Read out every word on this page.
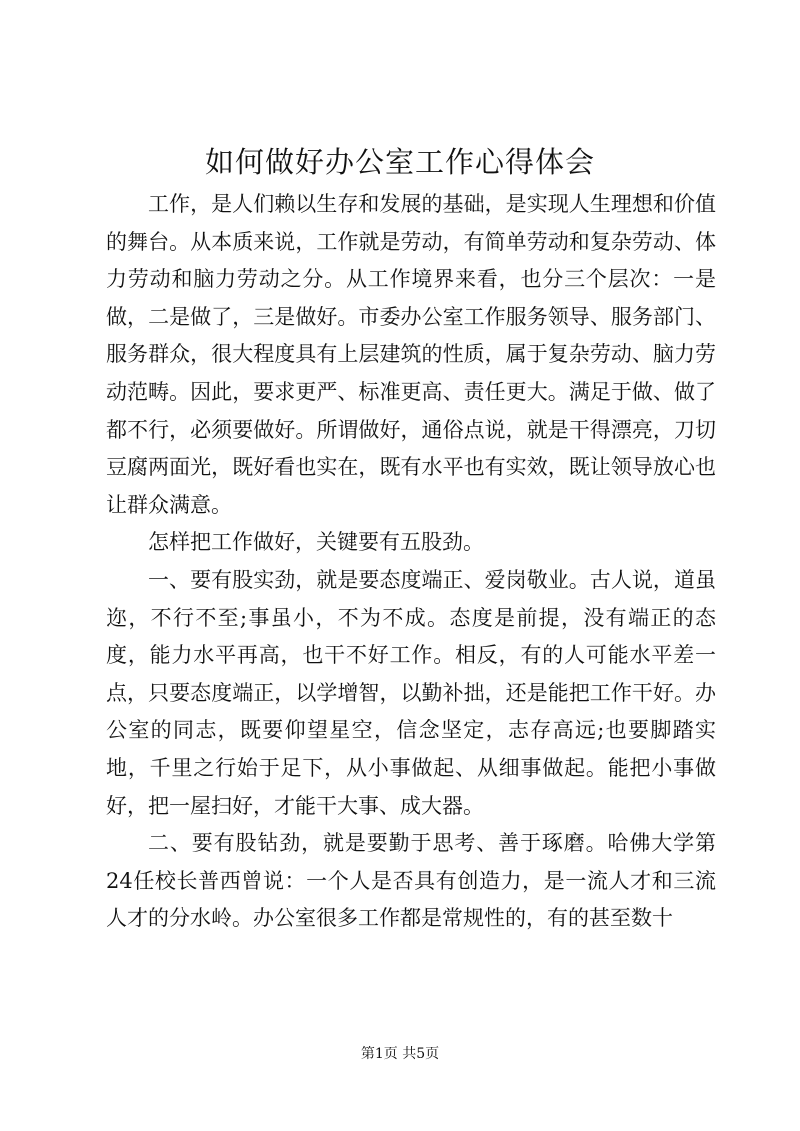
如何做好办公室工作心得体会

工作，是人们赖以生存和发展的基础，是实现人生理想和价值的舞台。从本质来说，工作就是劳动，有简单劳动和复杂劳动、体力劳动和脑力劳动之分。从工作境界来看，也分三个层次：一是做，二是做了，三是做好。市委办公室工作服务领导、服务部门、服务群众，很大程度具有上层建筑的性质，属于复杂劳动、脑力劳动范畴。因此，要求更严、标准更高、责任更大。满足于做、做了都不行，必须要做好。所谓做好，通俗点说，就是干得漂亮，刀切豆腐两面光，既好看也实在，既有水平也有实效，既让领导放心也让群众满意。

怎样把工作做好，关键要有五股劲。

一、要有股实劲，就是要态度端正、爱岗敬业。古人说，道虽迩，不行不至;事虽小，不为不成。态度是前提，没有端正的态度，能力水平再高，也干不好工作。相反，有的人可能水平差一点，只要态度端正，以学增智，以勤补拙，还是能把工作干好。办公室的同志，既要仰望星空，信念坚定，志存高远;也要脚踏实地，千里之行始于足下，从小事做起、从细事做起。能把小事做好，把一屋扫好，才能干大事、成大器。

二、要有股钻劲，就是要勤于思考、善于琢磨。哈佛大学第24任校长普西曾说：一个人是否具有创造力，是一流人才和三流人才的分水岭。办公室很多工作都是常规性的，有的甚至数十

第1页 共5页
